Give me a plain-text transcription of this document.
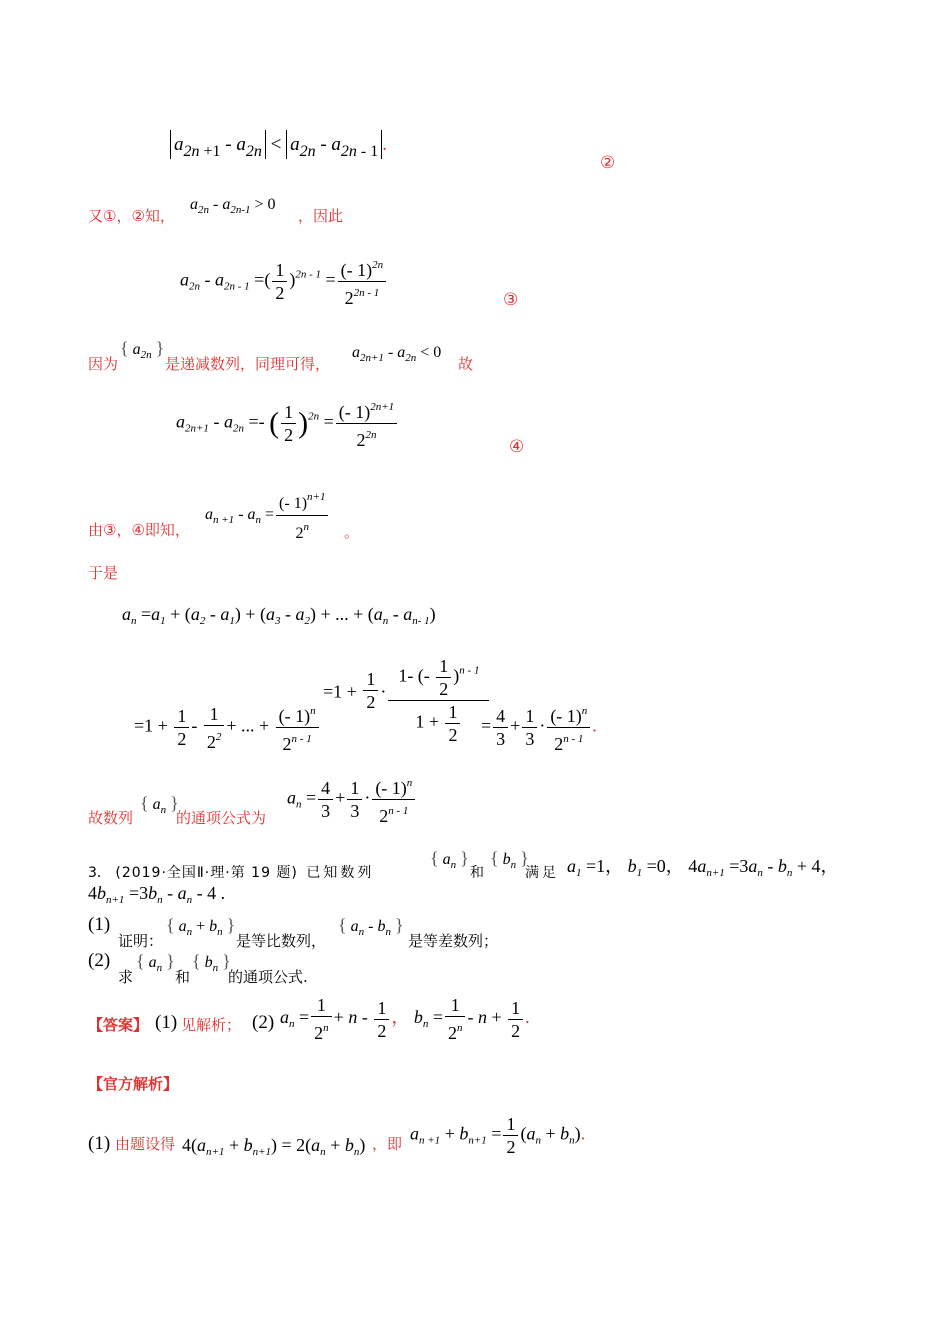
$a_{2n +1} - a_{2n} < a_{2n} - a_{2n - 1}$ .
②
又①，②知，
$a_{2n} - a_{2n-1} > 0$
，因此
$a_{2n} - a_{2n - 1}$ =( $\frac{1}{2} )^{2n - 1} = \frac{(- 1)^{2n}}{2^{2n - 1}}$	③
因为
{ $a_{2n}$ }
是递减数列，同理可得，
$a_{2n+1} - a_{2n} < 0$
故
$a_{2n+1} - a_{2n}$ =- ( $\frac{1}{2} )^{2n} = \frac{(- 1)^{2n+1}}{2^{2n}}$	④
由③，④即知，
$a_{n +1} - a_n = \frac{(- 1)^{n+1}}{2^n}$ 。
于是
$a_n =a_1 + (a_2 - a_1) + (a_3 - a_2)$ + ... + $(a_n - a_{n- 1})$
$=1 + \frac{1}{2} - \frac{1}{2^2}$ + ... + $\frac{(- 1)^n}{2^{n - 1}}$
$=1 + \frac{1}{2} \cdot \frac{1- (- \frac{1}{2} )^{n - 1}}{1 + \frac{1}{2}}$
= $\frac{4}{3} + \frac{1}{3} \cdot \frac{(- 1)^n}{2^{n - 1}}$ .
故数列
{ $a_n$ }
的通项公式为
$a_n = \frac{4}{3} + \frac{1}{3} \cdot \frac{(- 1)^n}{2^{n - 1}}$
3． (2019·全国Ⅱ·理·第 19 题) 已知数列
{ $a_n$ }
和
{ $b_n$ }
满足 $a_1 =1$， $b_1 =0$， $4a_{n+1} =3a_n - b_n + 4$，
$4b_{n+1} =3b_n - a_n - 4$ .
(1)
证明：
{ $a_n + b_n$ }
是等比数列，
{ $a_n - b_n$ }
是等差数列；
(2)
求
{ $a_n$ }
和
{ $b_n$ }
的通项公式.
【答案】 (1) 见解析； (2) $a_n = \frac{1}{2^n} + n - \frac{1}{2}$ ， $b_n = \frac{1}{2^n} - n + \frac{1}{2}$ .
【官方解析】
(1) 由题设得 $4(a_{n+1} + b_{n+1}) = 2(a_n + b_n)$ ，即
$a_{n +1} + b_{n+1} = \frac{1}{2} (a_n + b_n)$.
